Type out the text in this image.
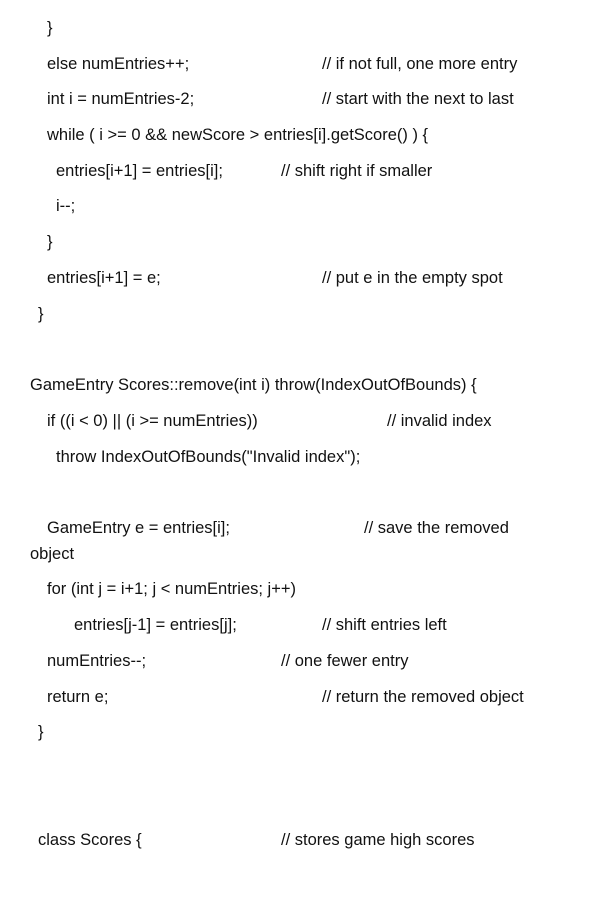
}
else numEntries++;	// if not full, one more entry
int i = numEntries-2;	// start with the next to last
while ( i >= 0 && newScore > entries[i].getScore() ) {
entries[i+1] = entries[i];	// shift right if smaller
i--;
}
entries[i+1] = e;	// put e in the empty spot
}
GameEntry Scores::remove(int i) throw(IndexOutOfBounds) {
if ((i < 0) || (i >= numEntries))	// invalid index
throw IndexOutOfBounds("Invalid index");
GameEntry e = entries[i];	// save the removed
object
for (int j = i+1; j < numEntries; j++)
entries[j-1] = entries[j];	// shift entries left
numEntries--;	// one fewer entry
return e;	// return the removed object
}
class Scores {	// stores game high scores
